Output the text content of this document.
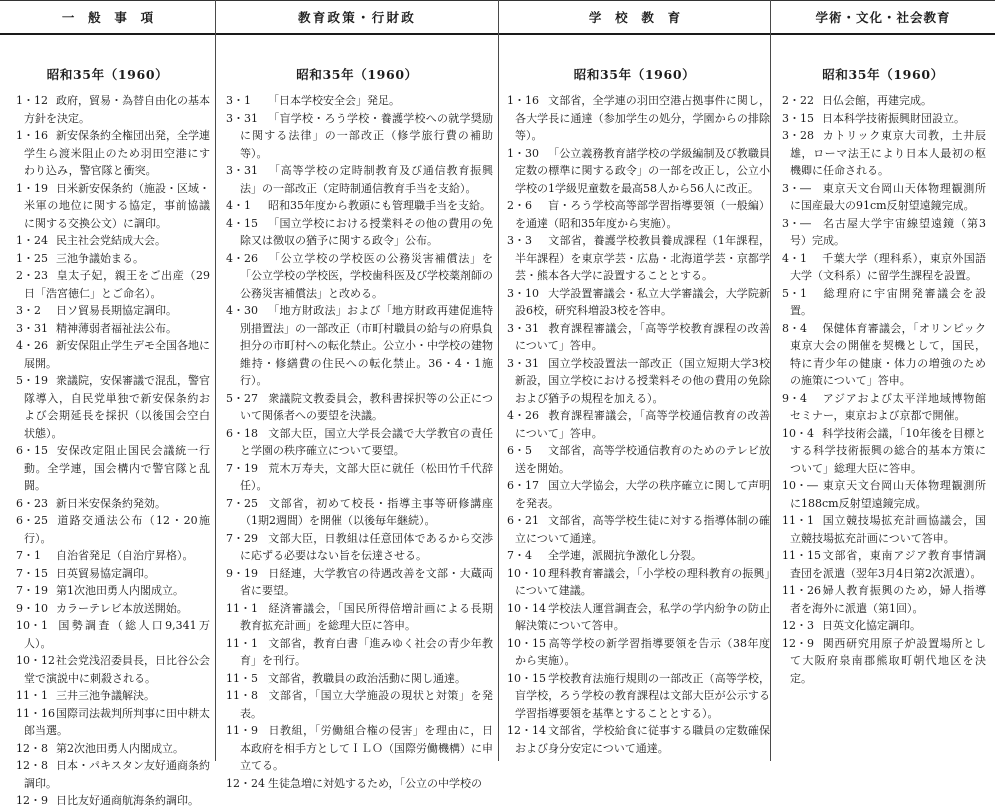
一般事項
昭和35年（1960）
1・12 政府，貿易・為替自由化の基本方針を決定。
1・16 新安保条約全権団出発，全学連学生ら渡米阻止のため羽田空港にすわり込み，警官隊と衝突。
1・19 日米新安保条約（施設・区域・米軍の地位に関する協定，事前協議に関する交換公文）に調印。
1・24 民主社会党結成大会。
1・25 三池争議始まる。
2・23 皇太子妃，親王をご出産（29日「浩宮徳仁」とご命名）。
3・2 日ソ貿易長期協定調印。
3・31 精神薄弱者福祉法公布。
4・26 新安保阻止学生デモ全国各地に展開。
5・19 衆議院，安保審議で混乱，警官隊導入，自民党単独で新安保条約および会期延長を採択（以後国会空白状態）。
6・15 安保改定阻止国民会議統一行動。全学連，国会構内で警官隊と乱闘。
6・23 新日米安保条約発効。
6・25 道路交通法公布（12・20施行）。
7・1 自治省発足（自治庁昇格）。
7・15 日英貿易協定調印。
7・19 第1次池田勇人内閣成立。
9・10 カラーテレビ本放送開始。
10・1 国勢調査（総人口9,341万人）。
10・12社会党浅沼委員長，日比谷公会堂で演説中に刺殺される。
11・1 三井三池争議解決。
11・16国際司法裁判所判事に田中耕太郎当選。
12・8 第2次池田勇人内閣成立。
12・8 日本・パキスタン友好通商条約調印。
12・9 日比友好通商航海条約調印。
教育政策・行財政
昭和35年（1960）
3・1 「日本学校安全会」発足。
3・31 「盲学校・ろう学校・養護学校への就学奨励に関する法律」の一部改正（修学旅行費の補助等）。
3・31 「高等学校の定時制教育及び通信教育振興法」の一部改正（定時制通信教育手当を支給）。
4・1 昭和35年度から教頭にも管理職手当を支給。
4・15 「国立学校における授業料その他の費用の免除又は徴収の猶予に関する政令」公布。
4・26 「公立学校の学校医の公務災害補償法」を「公立学校の学校医，学校歯科医及び学校薬剤師の公務災害補償法」と改める。
4・30 「地方財政法」および「地方財政再建促進特別措置法」の一部改正（市町村職員の給与の府県負担分の市町村への転化禁止。公立小・中学校の建物維持・修繕費の住民への転化禁止。36・4・1施行）。
5・27 衆議院文教委員会，教科書採択等の公正について関係者への要望を決議。
6・18 文部大臣，国立大学長会議で大学教官の責任と学園の秩序確立について要望。
7・19 荒木万寿夫，文部大臣に就任（松田竹千代辞任）。
7・25 文部省，初めて校長・指導主事等研修講座（1期2週間）を開催（以後毎年継続）。
7・29 文部大臣，日教組は任意団体であるから交渉に応ずる必要はない旨を伝達させる。
9・19 日経連，大学教官の待遇改善を文部・大蔵両省に要望。
11・1 経済審議会，「国民所得倍増計画による長期教育拡充計画」を総理大臣に答申。
11・1 文部省，教育白書「進みゆく社会の青少年教育」を刊行。
11・5 文部省，教職員の政治活動に関し通達。
11・8 文部省，「国立大学施設の現状と対策」を発表。
11・9 日教組，「労働組合権の侵害」を理由に，日本政府を相手方としてＩＬＯ（国際労働機構）に申立てる。
12・24 生徒急増に対処するため，「公立の中学校の
学校教育
昭和35年（1960）
1・16 文部省，全学連の羽田空港占拠事件に関し，各大学長に通達（参加学生の処分，学園からの排除等）。
1・30 「公立義務教育諸学校の学級編制及び教職員定数の標準に関する政令」の一部を改正し，公立小学校の1学級児童数を最高58人から56人に改正。
2・6 盲・ろう学校高等部学習指導要領（一般編）を通達（昭和35年度から実施）。
3・3 文部省，養護学校教員養成課程（1年課程，半年課程）を東京学芸・広島・北海道学芸・京都学芸・熊本各大学に設置することとする。
3・10 大学設置審議会・私立大学審議会，大学院新設6校，研究科増設3校を答申。
3・31 教育課程審議会，「高等学校教育課程の改善について」答申。
3・31 国立学校設置法一部改正（国立短期大学3校新設，国立学校における授業料その他の費用の免除および猶予の規程を加える）。
4・26 教育課程審議会，「高等学校通信教育の改善について」答申。
6・5 文部省，高等学校通信教育のためのテレビ放送を開始。
6・17 国立大学協会，大学の秩序確立に関して声明を発表。
6・21 文部省，高等学校生徒に対する指導体制の確立について通達。
7・4 全学連，派閥抗争激化し分裂。
10・10 理科教育審議会，「小学校の理科教育の振興」について建議。
10・14 学校法人運営調査会，私学の学内紛争の防止解決策について答申。
10・15 高等学校の新学習指導要領を告示（38年度から実施）。
10・15 学校教育法施行規則の一部改正（高等学校，盲学校，ろう学校の教育課程は文部大臣が公示する学習指導要領を基準とすることとする）。
12・14 文部省，学校給食に従事する職員の定数確保および身分安定について通達。
学術・文化・社会教育
昭和35年（1960）
2・22 日仏会館，再建完成。
3・15 日本科学技術振興財団設立。
3・28 カトリック東京大司教，土井辰雄，ローマ法王により日本人最初の枢機卿に任命される。
3・― 東京天文台岡山天体物理観測所に国産最大の91cm反射望遠鏡完成。
3・― 名古屋大学宇宙線望遠鏡（第3号）完成。
4・1 千葉大学（理科系），東京外国語大学（文科系）に留学生課程を設置。
5・1 総理府に宇宙開発審議会を設置。
8・4 保健体育審議会，「オリンピック東京大会の開催を契機として，国民，特に青少年の健康・体力の増強のための施策について」答申。
9・4 アジアおよび太平洋地域博物館セミナー，東京および京都で開催。
10・4 科学技術会議，「10年後を目標とする科学技術振興の総合的基本方策について」総理大臣に答申。
10・― 東京天文台岡山天体物理観測所に188cm反射望遠鏡完成。
11・1 国立競技場拡充計画協議会，国立競技場拡充計画について答申。
11・15文部省，東南アジア教育事情調査団を派遣（翌年3月4日第2次派遣）。
11・26婦人教育振興のため，婦人指導者を海外に派遣（第1回）。
12・3 日英文化協定調印。
12・9 関西研究用原子炉設置場所として大阪府泉南郡熊取町朝代地区を決定。
